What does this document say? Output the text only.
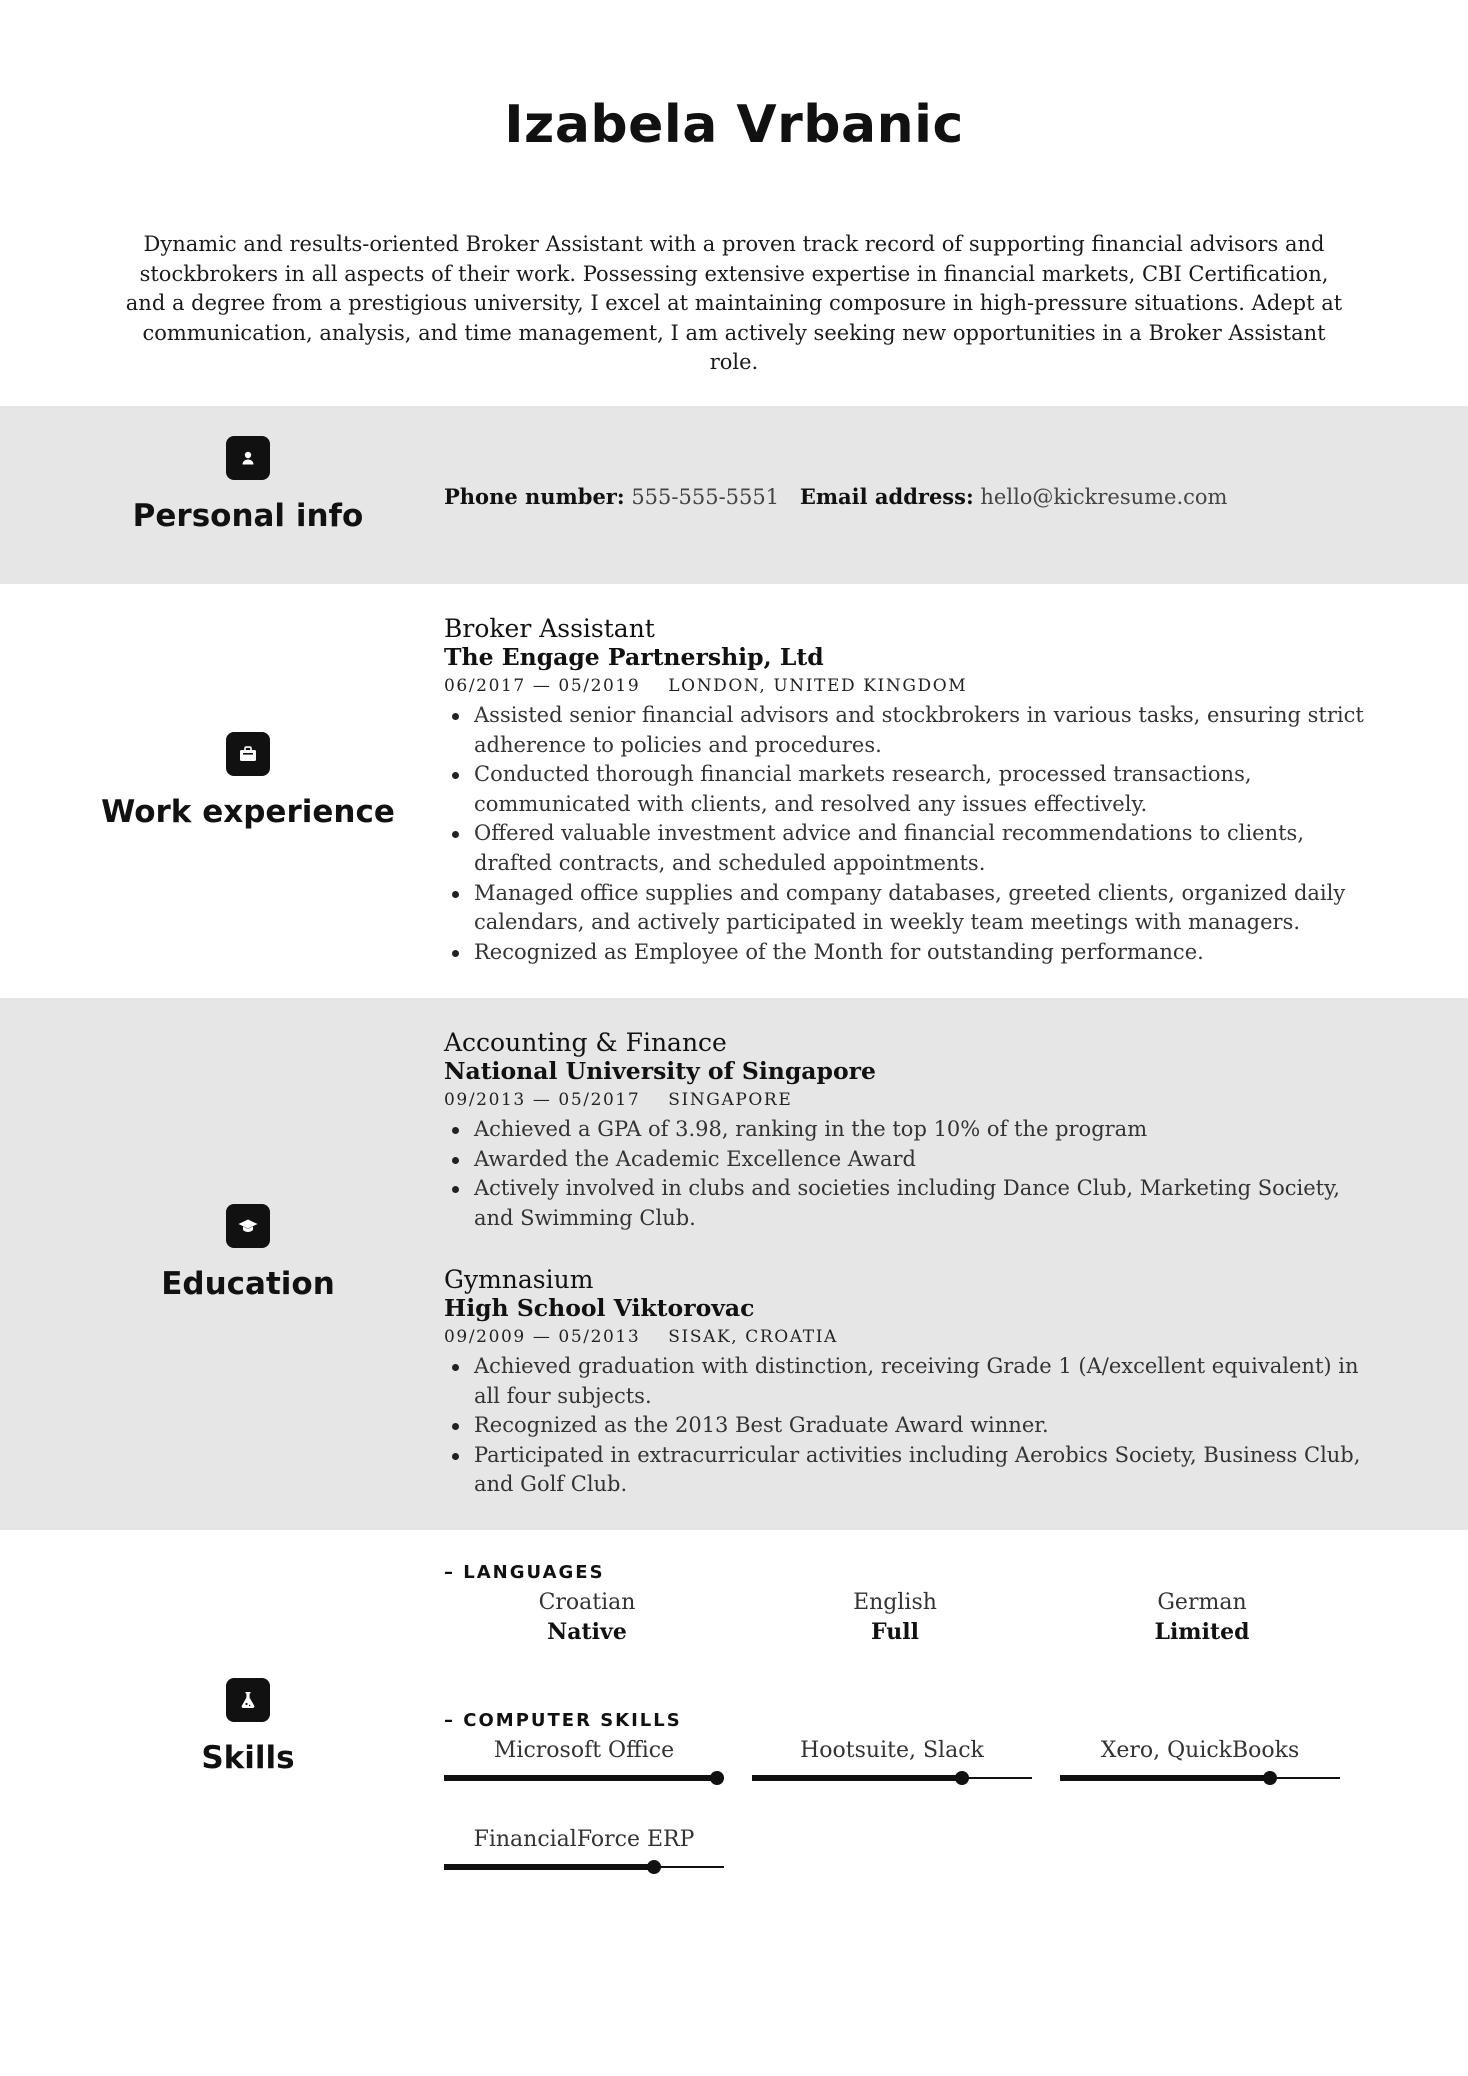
Izabela Vrbanic

Dynamic and results-oriented Broker Assistant with a proven track record of supporting financial advisors and stockbrokers in all aspects of their work. Possessing extensive expertise in financial markets, CBI Certification, and a degree from a prestigious university, I excel at maintaining composure in high-pressure situations. Adept at communication, analysis, and time management, I am actively seeking new opportunities in a Broker Assistant role.

Personal info
Phone number: 555-555-5551 Email address: hello@kickresume.com
Work experience
Broker Assistant
The Engage Partnership, Ltd
06/2017 — 05/2019 LONDON, UNITED KINGDOM
Assisted senior financial advisors and stockbrokers in various tasks, ensuring strict adherence to policies and procedures.
Conducted thorough financial markets research, processed transactions, communicated with clients, and resolved any issues effectively.
Offered valuable investment advice and financial recommendations to clients, drafted contracts, and scheduled appointments.
Managed office supplies and company databases, greeted clients, organized daily calendars, and actively participated in weekly team meetings with managers.
Recognized as Employee of the Month for outstanding performance.
Education
Accounting & Finance
National University of Singapore
09/2013 — 05/2017 SINGAPORE
Achieved a GPA of 3.98, ranking in the top 10% of the program
Awarded the Academic Excellence Award
Actively involved in clubs and societies including Dance Club, Marketing Society, and Swimming Club.
Gymnasium
High School Viktorovac
09/2009 — 05/2013 SISAK, CROATIA
Achieved graduation with distinction, receiving Grade 1 (A/excellent equivalent) in all four subjects.
Recognized as the 2013 Best Graduate Award winner.
Participated in extracurricular activities including Aerobics Society, Business Club, and Golf Club.
Skills
– LANGUAGES
Croatian
Native
English
Full
German
Limited
– COMPUTER SKILLS
Microsoft Office	Hootsuite, Slack	Xero, QuickBooks
FinancialForce ERP
